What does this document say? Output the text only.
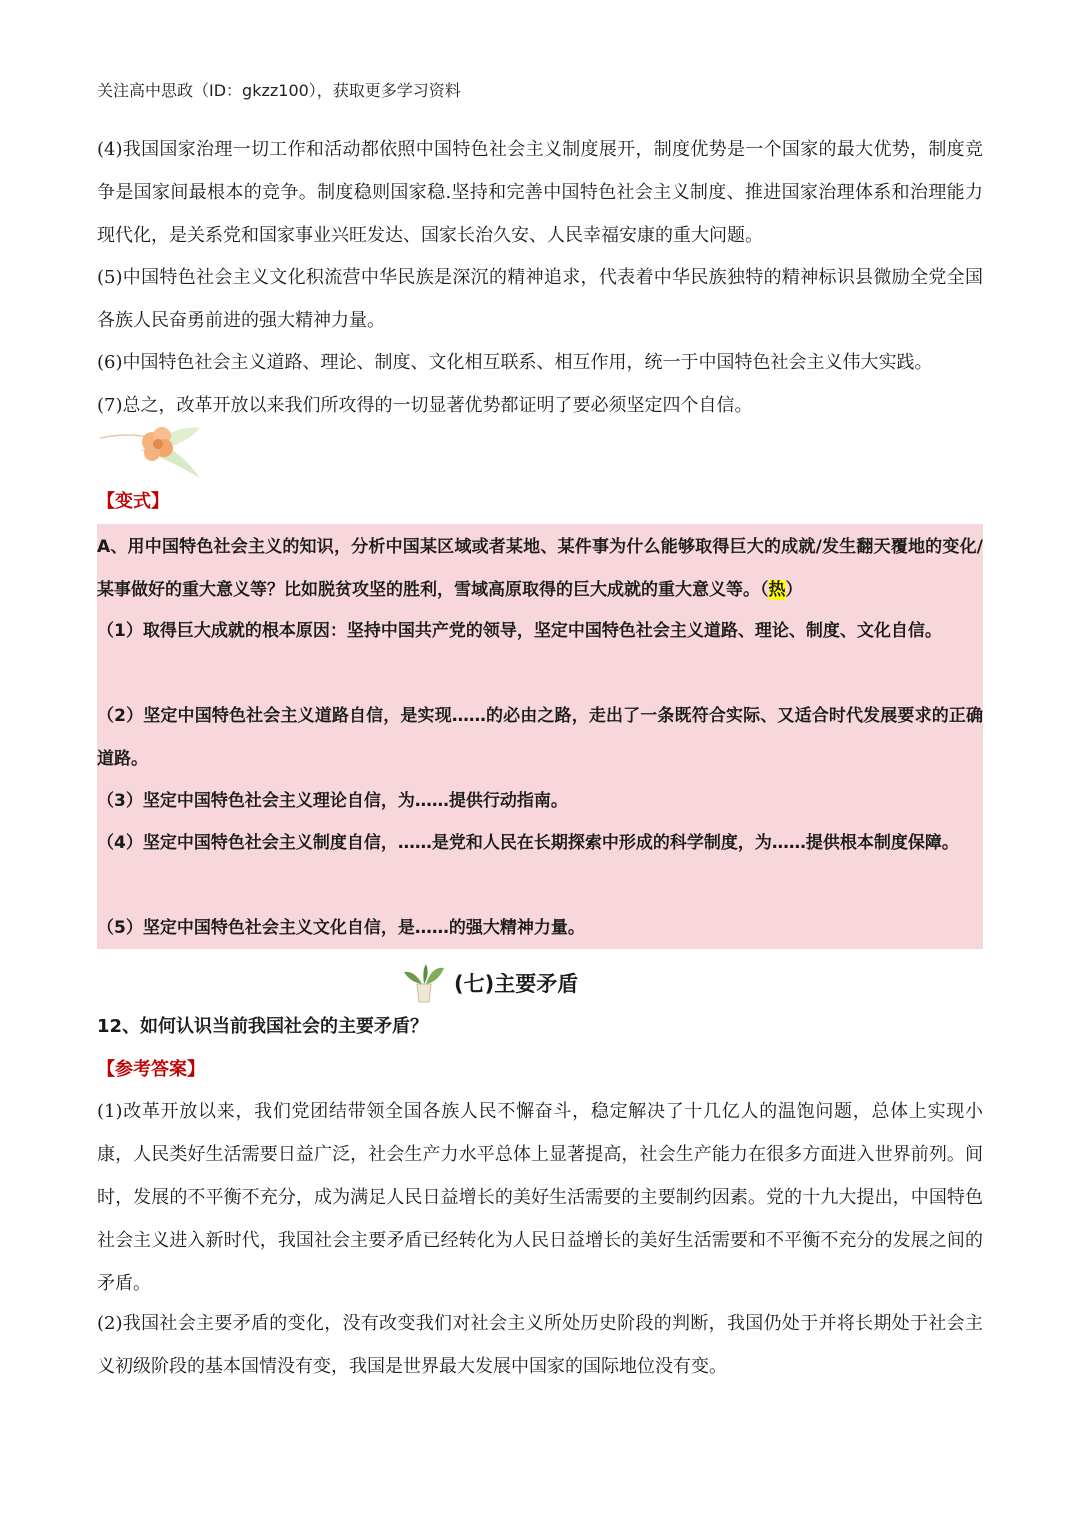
关注高中思政（ID：gkzz100），获取更多学习资料
(4)我国国家治理一切工作和活动都依照中国特色社会主义制度展开，制度优势是一个国家的最大优势，制度竞争是国家间最根本的竞争。制度稳则国家稳.坚持和完善中国特色社会主义制度、推进国家治理体系和治理能力现代化，是关系党和国家事业兴旺发达、国家长治久安、人民幸福安康的重大问题。
(5)中国特色社会主义文化积流营中华民族是深沉的精神追求，代表着中华民族独特的精神标识县微励全党全国各族人民奋勇前进的强大精神力量。
(6)中国特色社会主义道路、理论、制度、文化相互联系、相互作用，统一于中国特色社会主义伟大实践。
(7)总之，改革开放以来我们所攻得的一切显著优势都证明了要必须坚定四个自信。
【变式】
A、用中国特色社会主义的知识，分析中国某区域或者某地、某件事为什么能够取得巨大的成就/发生翻天覆地的变化/某事做好的重大意义等？比如脱贫攻坚的胜利，雪域高原取得的巨大成就的重大意义等。（热）
（1）取得巨大成就的根本原因：坚持中国共产党的领导，坚定中国特色社会主义道路、理论、制度、文化自信。
（2）坚定中国特色社会主义道路自信，是实现……的必由之路，走出了一条既符合实际、又适合时代发展要求的正确道路。
（3）坚定中国特色社会主义理论自信，为……提供行动指南。
（4）坚定中国特色社会主义制度自信，……是党和人民在长期探索中形成的科学制度，为……提供根本制度保障。
（5）坚定中国特色社会主义文化自信，是……的强大精神力量。
(七)主要矛盾
12、如何认识当前我国社会的主要矛盾？
【参考答案】
(1)改革开放以来，我们党团结带领全国各族人民不懈奋斗，稳定解决了十几亿人的温饱问题，总体上实现小康，人民类好生活需要日益广泛，社会生产力水平总体上显著提高，社会生产能力在很多方面进入世界前列。间时，发展的不平衡不充分，成为满足人民日益增长的美好生活需要的主要制约因素。党的十九大提出，中国特色社会主义进入新时代，我国社会主要矛盾已经转化为人民日益增长的美好生活需要和不平衡不充分的发展之间的矛盾。
(2)我国社会主要矛盾的变化，没有改变我们对社会主义所处历史阶段的判断，我国仍处于并将长期处于社会主义初级阶段的基本国情没有变，我国是世界最大发展中国家的国际地位没有变。
